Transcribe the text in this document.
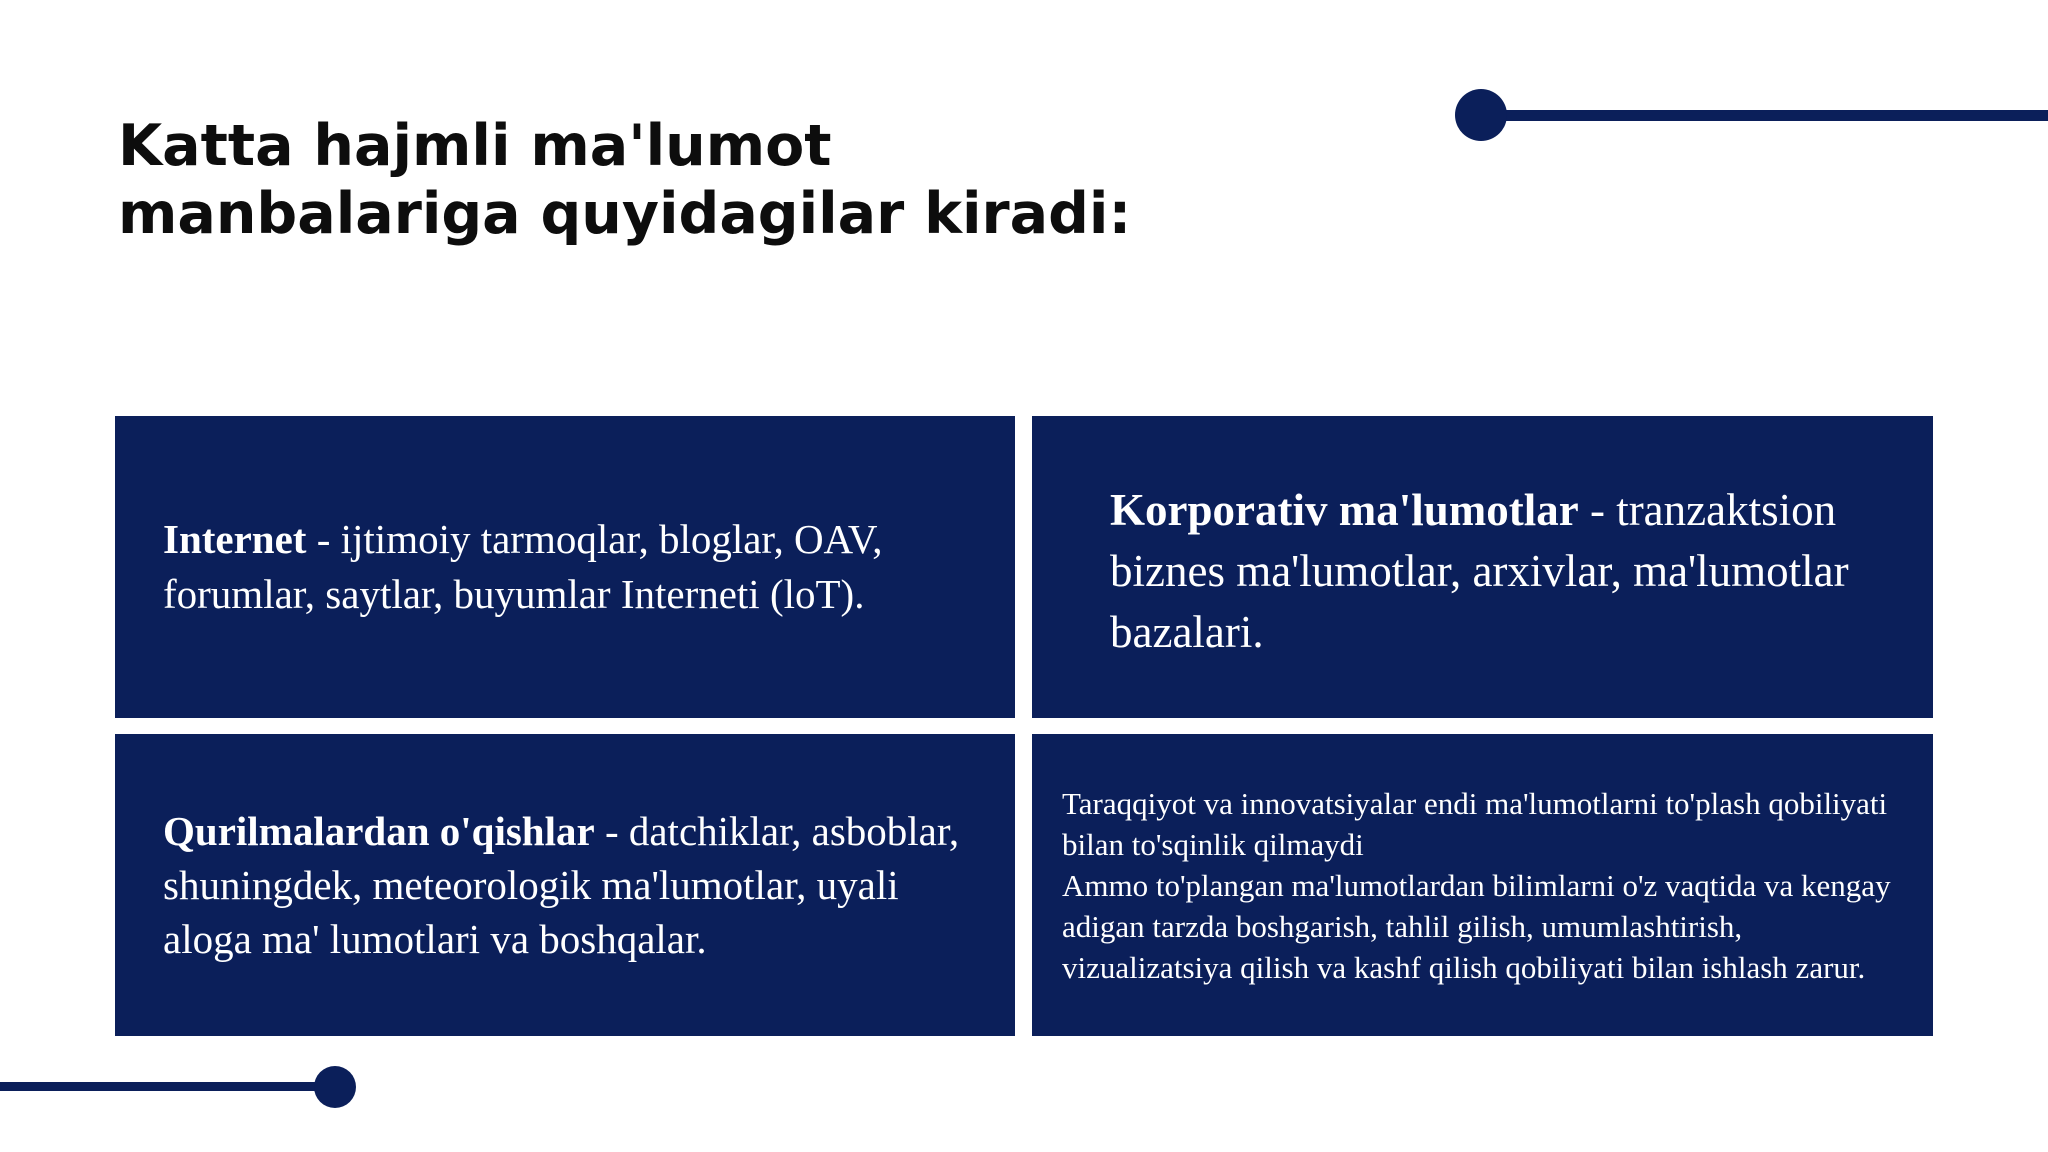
Katta hajmli ma'lumot manbalariga quyidagilar kiradi:

Internet - ijtimoiy tarmoqlar, bloglar, OAV, forumlar, saytlar, buyumlar Interneti (loT).

Korporativ ma'lumotlar - tranzaktsion biznes ma'lumotlar, arxivlar, ma'lumotlar bazalari.

Qurilmalardan o'qishlar - datchiklar, asboblar, shuningdek, meteorologik ma'lumotlar, uyali aloga ma' lumotlari va boshqalar.

Taraqqiyot va innovatsiyalar endi ma'lumotlarni to'plash qobiliyati bilan to'sqinlik qilmaydi
Ammo to'plangan ma'lumotlardan bilimlarni o'z vaqtida va kengay adigan tarzda boshgarish, tahlil gilish, umumlashtirish, vizualizatsiya qilish va kashf qilish qobiliyati bilan ishlash zarur.
